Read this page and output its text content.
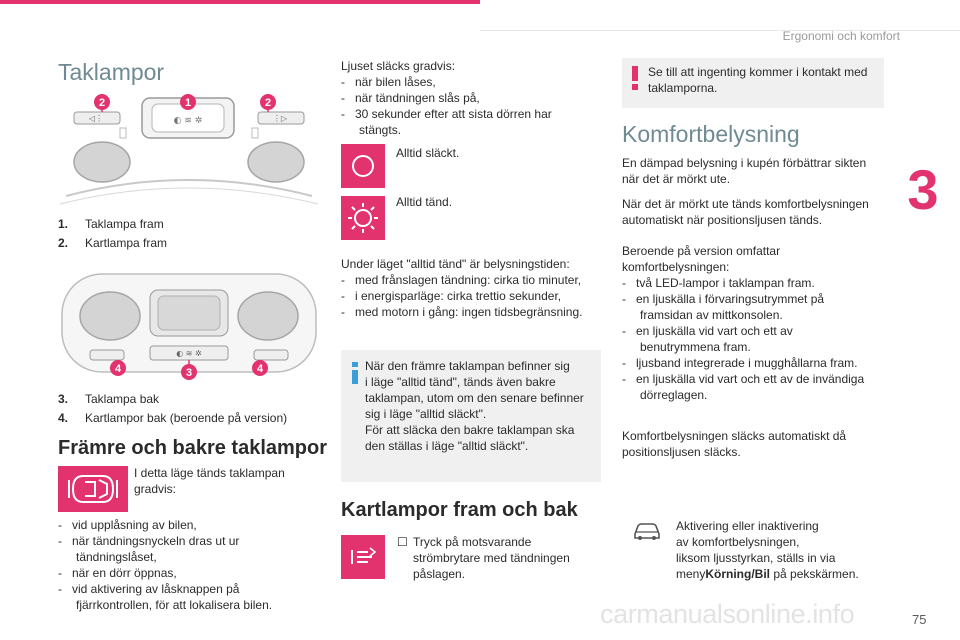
Ergonomi och komfort
3
Taklampor
◐ ≋ ✲
◁⋮	⋮▷
2	1	2
1.	Taklampa fram
2.	Kartlampa fram
◐ ≋ ✲
4	3	4
3.	Taklampa bak
4.	Kartlampor bak (beroende på version)
Främre och bakre taklampor
I detta läge tänds taklampan
gradvis:
- vid upplåsning av bilen,
- när tändningsnyckeln dras ut ur
tändningslåset,
- när en dörr öppnas,
- vid aktivering av låsknappen på
fjärrkontrollen, för att lokalisera bilen.
Ljuset släcks gradvis:
- när bilen låses,
- när tändningen slås på,
- 30 sekunder efter att sista dörren har
stängts.
Alltid släckt.
Alltid tänd.
Under läget "alltid tänd" är belysningstiden:
- med frånslagen tändning: cirka tio minuter,
- i energisparläge: cirka trettio sekunder,
- med motorn i gång: ingen tidsbegränsning.
När den främre taklampan befinner sig
i läge "alltid tänd", tänds även bakre
taklampan, utom om den senare befinner
sig i läge "alltid släckt".
För att släcka den bakre taklampan ska
den ställas i läge "alltid släckt".
Kartlampor fram och bak
☐ Tryck på motsvarande
strömbrytare med tändningen
påslagen.
Se till att ingenting kommer i kontakt med
taklamporna.
Komfortbelysning
En dämpad belysning i kupén förbättrar sikten
när det är mörkt ute.
När det är mörkt ute tänds komfortbelysningen
automatiskt när positionsljusen tänds.
Beroende på version omfattar
komfortbelysningen:
- två LED-lampor i taklampan fram.
- en ljuskälla i förvaringsutrymmet på
framsidan av mittkonsolen.
- en ljuskälla vid vart och ett av
benutrymmena fram.
- ljusband integrerade i mugghållarna fram.
- en ljuskälla vid vart och ett av de invändiga
dörreglagen.
Komfortbelysningen släcks automatiskt då
positionsljusen släcks.
Aktivering eller inaktivering
av komfortbelysningen,
liksom ljusstyrkan, ställs in via
menyKörning/Bil på pekskärmen.
carmanualsonline.info	75
